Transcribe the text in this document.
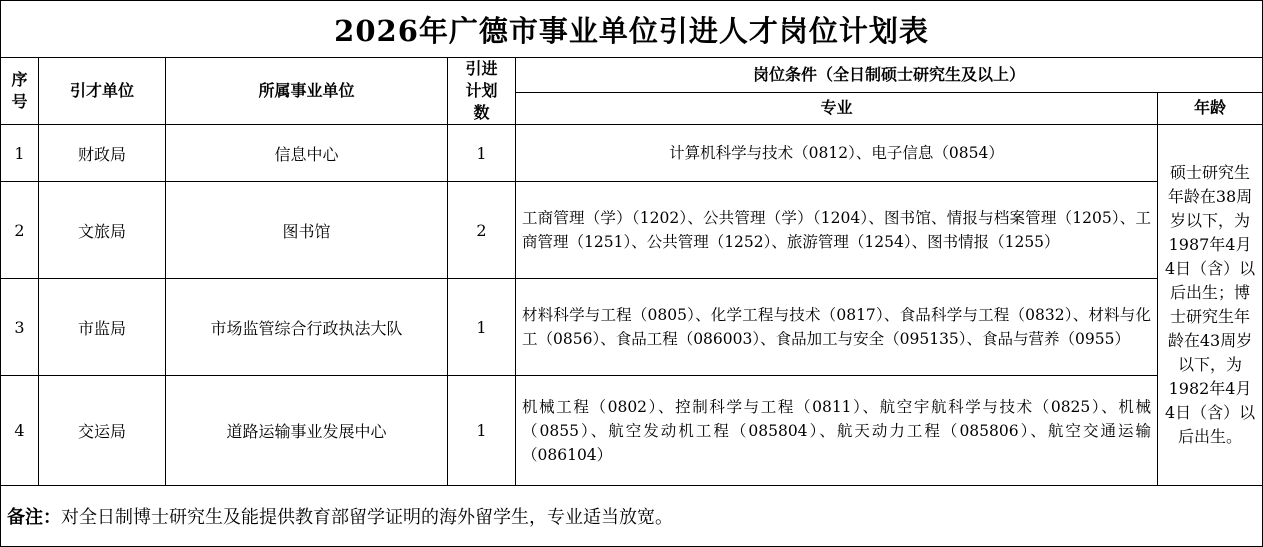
2026年广德市事业单位引进人才岗位计划表					
序号	引才单位	所属事业单位	引进计划数	岗位条件（全日制硕士研究生及以上）	
				专业	年龄
1	财政局	信息中心	1	计算机科学与技术（0812）、电子信息（0854）	硕士研究生年龄在38周岁以下，为1987年4月4日（含）以后出生；博士研究生年龄在43周岁以下，为1982年4月4日（含）以后出生。
2	文旅局	图书馆	2	工商管理（学）（1202）、公共管理（学）（1204）、图书馆、情报与档案管理（1205）、工商管理（1251）、公共管理（1252）、旅游管理（1254）、图书情报（1255）	
3	市监局	市场监管综合行政执法大队	1	材料科学与工程（0805）、化学工程与技术（0817）、食品科学与工程（0832）、材料与化工（0856）、食品工程（086003）、食品加工与安全（095135）、食品与营养（0955）	
4	交运局	道路运输事业发展中心	1	机械工程（0802）、控制科学与工程（0811）、航空宇航科学与技术（0825）、机械（0855）、航空发动机工程（085804）、航天动力工程（085806）、航空交通运输（086104）	
备注：对全日制博士研究生及能提供教育部留学证明的海外留学生，专业适当放宽。					
